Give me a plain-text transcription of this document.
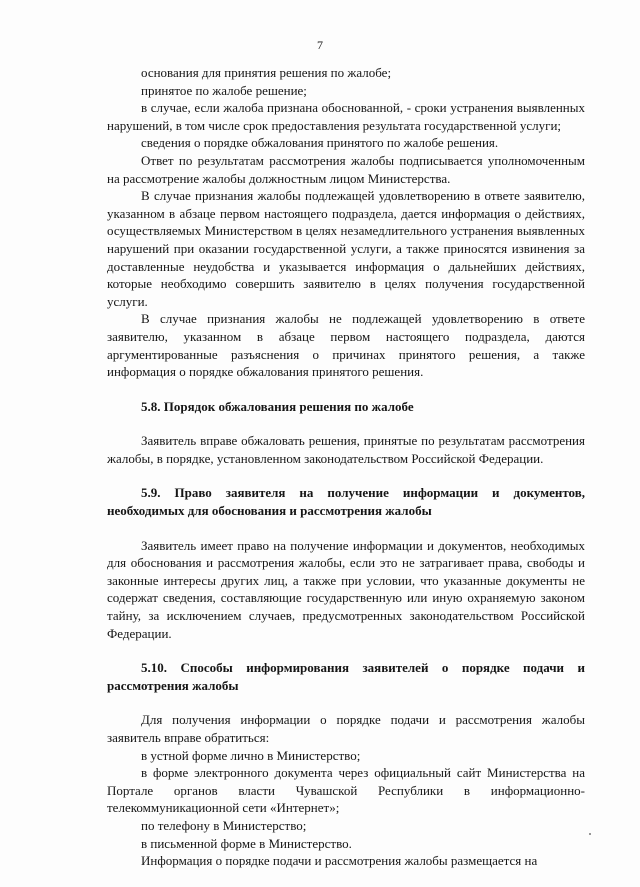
7

основания для принятия решения по жалобе;

принятое по жалобе решение;

в случае, если жалоба признана обоснованной, - сроки устранения выявленных нарушений, в том числе срок предоставления результата государственной услуги;

сведения о порядке обжалования принятого по жалобе решения.

Ответ по результатам рассмотрения жалобы подписывается уполномоченным на рассмотрение жалобы должностным лицом Министерства.

В случае признания жалобы подлежащей удовлетворению в ответе заявителю, указанном в абзаце первом настоящего подраздела, дается информация о действиях, осуществляемых Министерством в целях незамедлительного устранения выявленных нарушений при оказании государственной услуги, а также приносятся извинения за доставленные неудобства и указывается информация о дальнейших действиях, которые необходимо совершить заявителю в целях получения государственной услуги.

В случае признания жалобы не подлежащей удовлетворению в ответе заявителю, указанном в абзаце первом настоящего подраздела, даются аргументированные разъяснения о причинах принятого решения, а также информация о порядке обжалования принятого решения.

5.8. Порядок обжалования решения по жалобе

Заявитель вправе обжаловать решения, принятые по результатам рассмотрения жалобы, в порядке, установленном законодательством Российской Федерации.

5.9. Право заявителя на получение информации и документов, необходимых для обоснования и рассмотрения жалобы

Заявитель имеет право на получение информации и документов, необходимых для обоснования и рассмотрения жалобы, если это не затрагивает права, свободы и законные интересы других лиц, а также при условии, что указанные документы не содержат сведения, составляющие государственную или иную охраняемую законом тайну, за исключением случаев, предусмотренных законодательством Российской Федерации.

5.10. Способы информирования заявителей о порядке подачи и рассмотрения жалобы

Для получения информации о порядке подачи и рассмотрения жалобы заявитель вправе обратиться:

в устной форме лично в Министерство;

в форме электронного документа через официальный сайт Министерства на Портале органов власти Чувашской Республики в информационно-телекоммуникационной сети «Интернет»;

по телефону в Министерство;

в письменной форме в Министерство.

Информация о порядке подачи и рассмотрения жалобы размещается на
